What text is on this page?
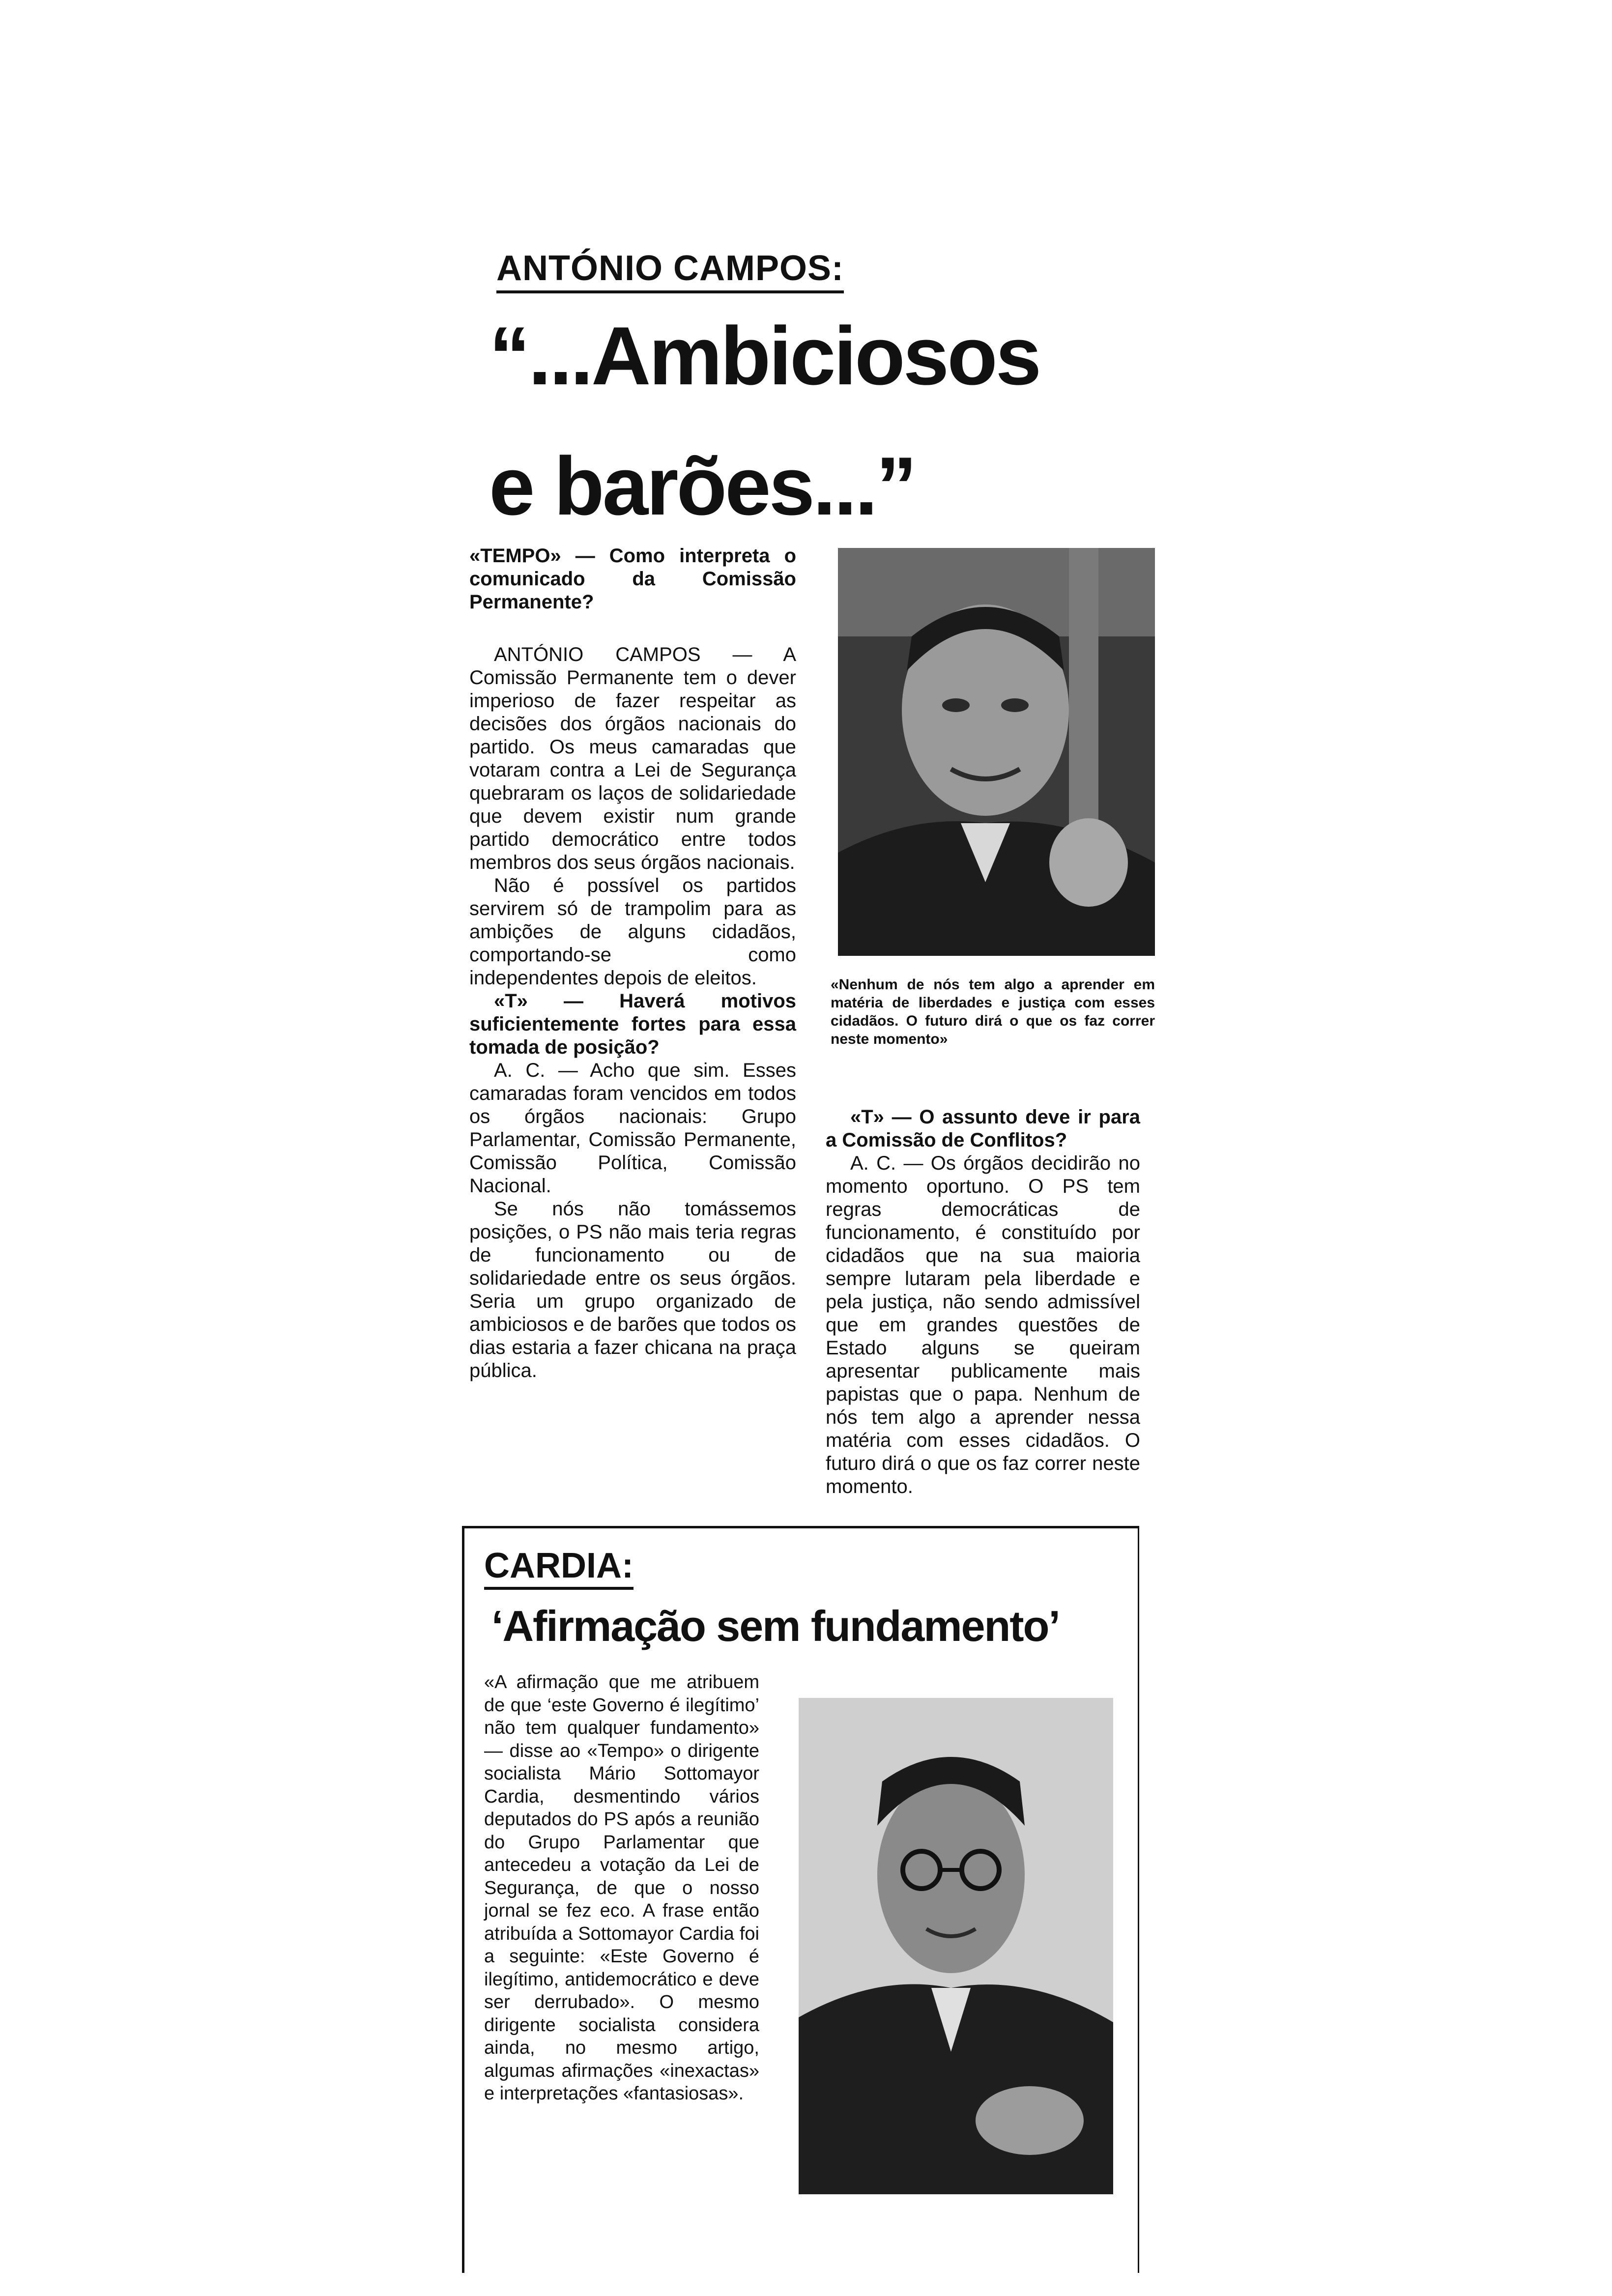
ANTÓNIO CAMPOS:
“...Ambiciosos
e barões...”

«TEMPO» — Como interpreta o comunicado da Comissão Permanente?

ANTÓNIO CAMPOS — A Comissão Permanente tem o dever imperioso de fazer respeitar as decisões dos órgãos nacionais do partido. Os meus camaradas que votaram contra a Lei de Segurança quebraram os laços de solidariedade que devem existir num grande partido democrático entre todos membros dos seus órgãos nacionais.

Não é possível os partidos servirem só de trampolim para as ambições de alguns cidadãos, comportando-se como independentes depois de eleitos.

«T» — Haverá motivos suficientemente fortes para essa tomada de posição?

A. C. — Acho que sim. Esses camaradas foram vencidos em todos os órgãos nacionais: Grupo Parlamentar, Comissão Permanente, Comissão Política, Comissão Nacional.

Se nós não tomássemos posições, o PS não mais teria regras de funcionamento ou de solidariedade entre os seus órgãos. Seria um grupo organizado de ambiciosos e de barões que todos os dias estaria a fazer chicana na praça pública.

«Nenhum de nós tem algo a aprender em matéria de liberdades e justiça com esses cidadãos. O futuro dirá o que os faz correr neste momento»

«T» — O assunto deve ir para a Comissão de Conflitos?

A. C. — Os órgãos decidirão no momento oportuno. O PS tem regras democráticas de funcionamento, é constituído por cidadãos que na sua maioria sempre lutaram pela liberdade e pela justiça, não sendo admissível que em grandes questões de Estado alguns se queiram apresentar publicamente mais papistas que o papa. Nenhum de nós tem algo a aprender nessa matéria com esses cidadãos. O futuro dirá o que os faz correr neste momento.

CARDIA:
‘Afirmação sem fundamento’

«A afirmação que me atribuem de que ‘este Governo é ilegítimo’ não tem qualquer fundamento» — disse ao «Tempo» o dirigente socialista Mário Sottomayor Cardia, desmentindo vários deputados do PS após a reunião do Grupo Parlamentar que antecedeu a votação da Lei de Segurança, de que o nosso jornal se fez eco. A frase então atribuída a Sottomayor Cardia foi a seguinte: «Este Governo é ilegítimo, antidemocrático e deve ser derrubado». O mesmo dirigente socialista considera ainda, no mesmo artigo, algumas afirmações «inexactas» e interpretações «fantasiosas».
